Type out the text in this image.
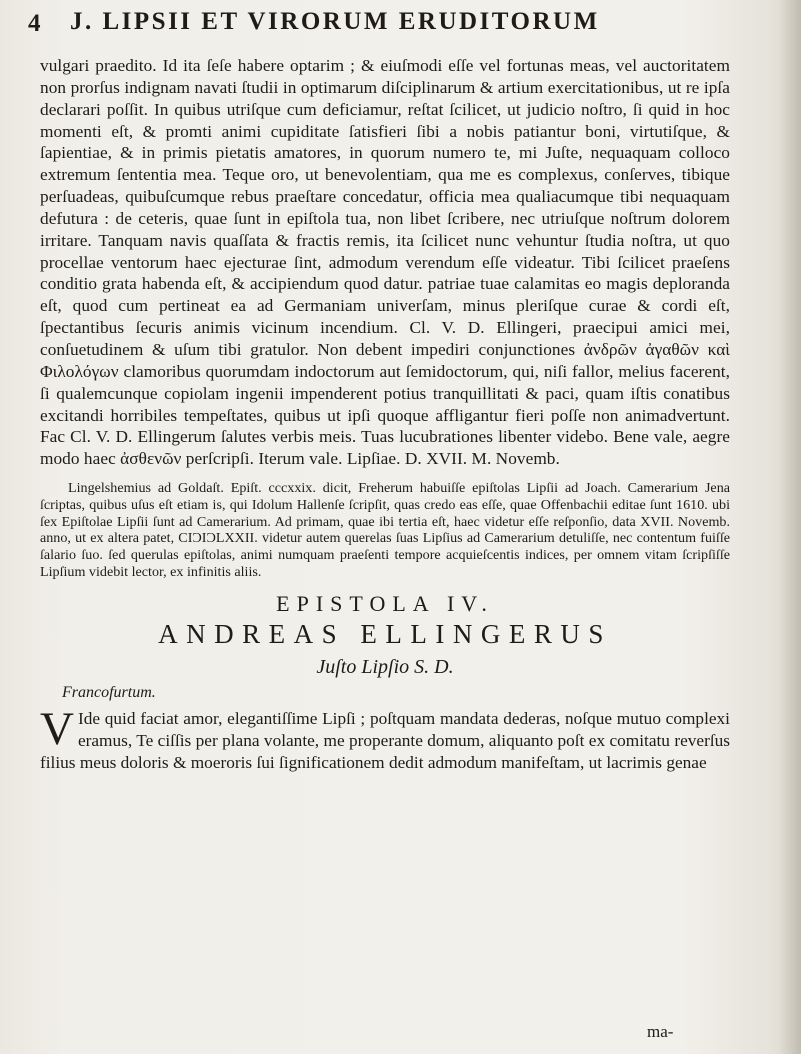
4 J. LIPSII ET VIRORUM ERUDITORUM

vulgari praedito. Id ita ſeſe habere optarim ; & eiuſmodi eſſe vel fortunas meas, vel auctoritatem non prorſus indignam navati ſtudii in optimarum diſciplinarum & artium exercitationibus, ut re ipſa declarari poſſit. In quibus utriſque cum deficiamur, reſtat ſcilicet, ut judicio noſtro, ſi quid in hoc momenti eſt, & promti animi cupiditate ſatisfieri ſibi a nobis patiantur boni, virtutiſque, & ſapientiae, & in primis pietatis amatores, in quorum numero te, mi Juſte, nequaquam colloco extremum ſententia mea. Teque oro, ut benevolentiam, qua me es complexus, conſerves, tibique perſuadeas, quibuſcumque rebus praeſtare concedatur, officia mea qualiacumque tibi nequaquam defutura : de ceteris, quae ſunt in epiſtola tua, non libet ſcribere, nec utriuſque noſtrum dolorem irritare. Tanquam navis quaſſata & fractis remis, ita ſcilicet nunc vehuntur ſtudia noſtra, ut quo procellae ventorum haec ejecturae ſint, admodum verendum eſſe videatur. Tibi ſcilicet praeſens conditio grata habenda eſt, & accipiendum quod datur. patriae tuae calamitas eo magis deploranda eſt, quod cum pertineat ea ad Germaniam univerſam, minus pleriſque curae & cordi eſt, ſpectantibus ſecuris animis vicinum incendium. Cl. V. D. Ellingeri, praecipui amici mei, conſuetudinem & uſum tibi gratulor. Non debent impediri conjunctiones ἀνδρῶν ἀγαθῶν καὶ Φιλολόγων clamoribus quorumdam indoctorum aut ſemidoctorum, qui, niſi fallor, melius facerent, ſi qualemcunque copiolam ingenii impenderent potius tranquillitati & paci, quam iſtis conatibus excitandi horribiles tempeſtates, quibus ut ipſi quoque affligantur fieri poſſe non animadvertunt. Fac Cl. V. D. Ellingerum ſalutes verbis meis. Tuas lucubrationes libenter videbo. Bene vale, aegre modo haec ἀσθενῶν perſcripſi. Iterum vale. Lipſiae. D. XVII. M. Novemb.

Lingelshemius ad Goldaſt. Epiſt. cccxxix. dicit, Freherum habuiſſe epiſtolas Lipſii ad Joach. Camerarium Jena ſcriptas, quibus uſus eſt etiam is, qui Idolum Hallenſe ſcripſit, quas credo eas eſſe, quae Offenbachii editae ſunt 1610. ubi ſex Epiſtolae Lipſii ſunt ad Camerarium. Ad primam, quae ibi tertia eſt, haec videtur eſſe reſponſio, data XVII. Novemb. anno, ut ex altera patet, CIƆIƆLXXII. videtur autem querelas ſuas Lipſius ad Camerarium detuliſſe, nec contentum fuiſſe ſalario ſuo. ſed querulas epiſtolas, animi numquam praeſenti tempore acquieſcentis indices, per omnem vitam ſcripſiſſe Lipſium videbit lector, ex infinitis aliis.

EPISTOLA IV.
ANDREAS ELLINGERUS
Juſto Lipſio S. D.
Francofurtum.

V Ide quid faciat amor, elegantiſſime Lipſi ; poſtquam mandata dederas, noſque mutuo complexi eramus, Te ciſſis per plana volante, me properante domum, aliquanto poſt ex comitatu reverſus filius meus doloris & moeroris ſui ſignificationem dedit admodum manifeſtam, ut lacrimis genae

ma-
